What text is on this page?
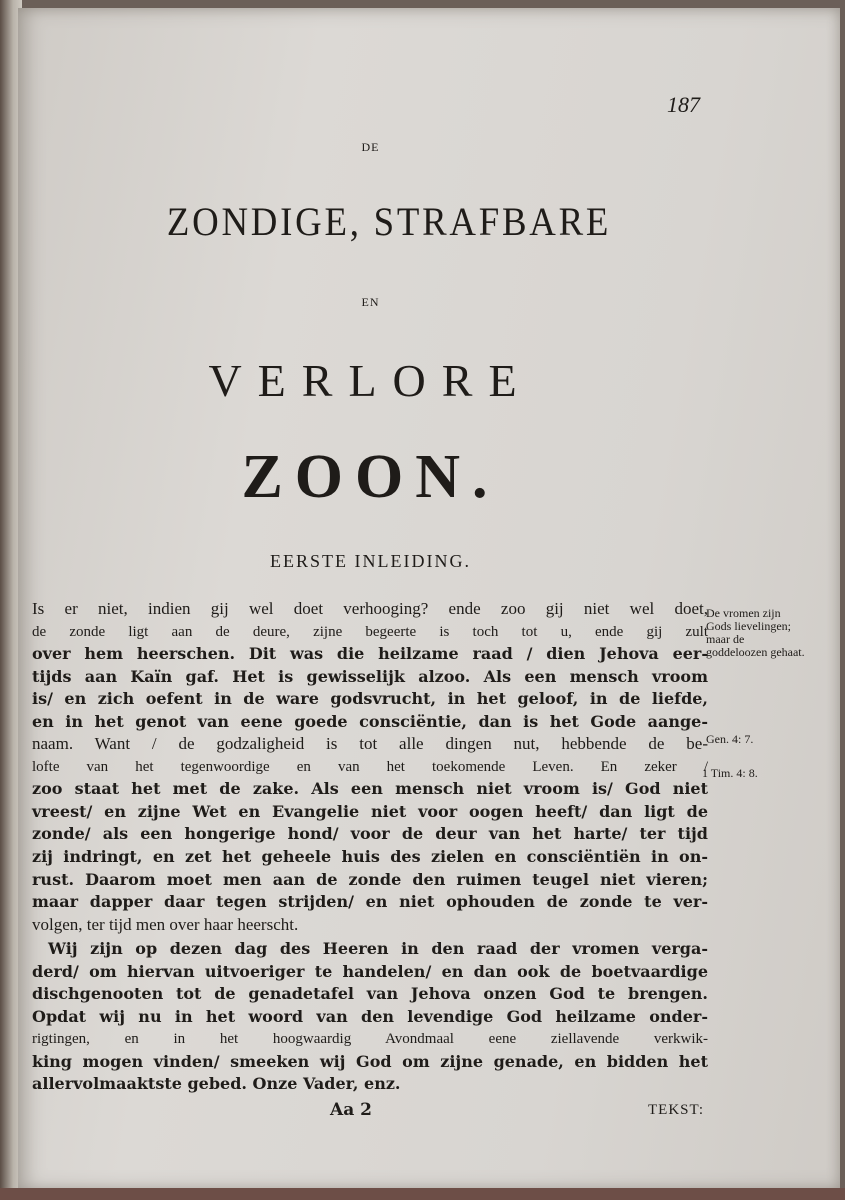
187
DE
ZONDIGE, STRAFBARE
EN
VERLORE
ZOON.
EERSTE INLEIDING.
Is er niet, indien gij wel doet verhooging? ende zoo gij niet wel doet,
de zonde ligt aan de deure, zijne begeerte is toch tot u, ende gij zult
over hem heerschen. Dit was die heilzame raad / dien Jehova eer-
tijds aan Kaïn gaf. Het is gewisselijk alzoo. Als een mensch vroom
is/ en zich oefent in de ware godsvrucht, in het geloof, in de liefde,
en in het genot van eene goede consciëntie, dan is het Gode aange-
naam. Want / de godzaligheid is tot alle dingen nut, hebbende de be-
lofte van het tegenwoordige en van het toekomende Leven. En zeker /
zoo staat het met de zake. Als een mensch niet vroom is/ God niet
vreest/ en zijne Wet en Evangelie niet voor oogen heeft/ dan ligt de
zonde/ als een hongerige hond/ voor de deur van het harte/ ter tijd
zij indringt, en zet het geheele huis des zielen en consciëntiën in on-
rust. Daarom moet men aan de zonde den ruimen teugel niet vieren;
maar dapper daar tegen strijden/ en niet ophouden de zonde te ver-
volgen, ter tijd men over haar heerscht.
Wij zijn op dezen dag des Heeren in den raad der vromen verga-
derd/ om hiervan uitvoeriger te handelen/ en dan ook de boetvaardige
dischgenooten tot de genadetafel van Jehova onzen God te brengen.
Opdat wij nu in het woord van den levendige God heilzame onder-
rigtingen, en in het hoogwaardig Avondmaal eene ziellavende verkwik-
king mogen vinden/ smeeken wij God om zijne genade, en bidden het
allervolmaaktste gebed. Onze Vader, enz.
De vromen zijn Gods lievelingen; maar de goddeloozen gehaat.
Gen. 4: 7.
1 Tim. 4: 8.
Aa 2	TEKST:
